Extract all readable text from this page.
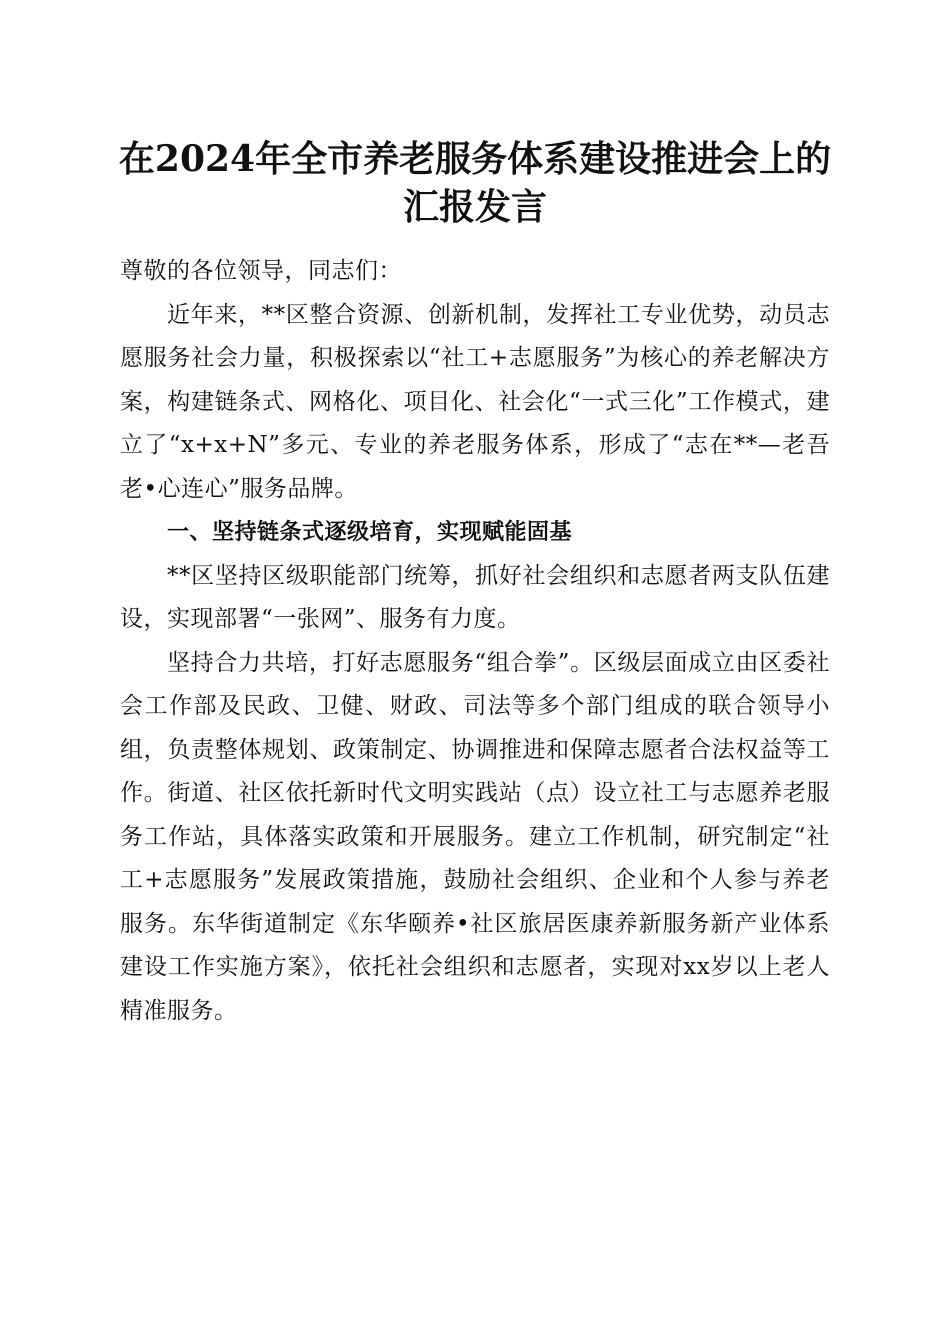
在2024年全市养老服务体系建设推进会上的
汇报发言

尊敬的各位领导，同志们：

近年来，**区整合资源、创新机制，发挥社工专业优势，动员志愿服务社会力量，积极探索以“社工+志愿服务”为核心的养老解决方案，构建链条式、网格化、项目化、社会化“一式三化”工作模式，建立了“x+x+N”多元、专业的养老服务体系，形成了“志在**—老吾老•心连心”服务品牌。

一、坚持链条式逐级培育，实现赋能固基

**区坚持区级职能部门统筹，抓好社会组织和志愿者两支队伍建设，实现部署“一张网”、服务有力度。

坚持合力共培，打好志愿服务“组合拳”。区级层面成立由区委社会工作部及民政、卫健、财政、司法等多个部门组成的联合领导小组，负责整体规划、政策制定、协调推进和保障志愿者合法权益等工作。街道、社区依托新时代文明实践站（点）设立社工与志愿养老服务工作站，具体落实政策和开展服务。建立工作机制，研究制定“社工+志愿服务”发展政策措施，鼓励社会组织、企业和个人参与养老服务。东华街道制定《东华颐养•社区旅居医康养新服务新产业体系建设工作实施方案》，依托社会组织和志愿者，实现对xx岁以上老人精准服务。
